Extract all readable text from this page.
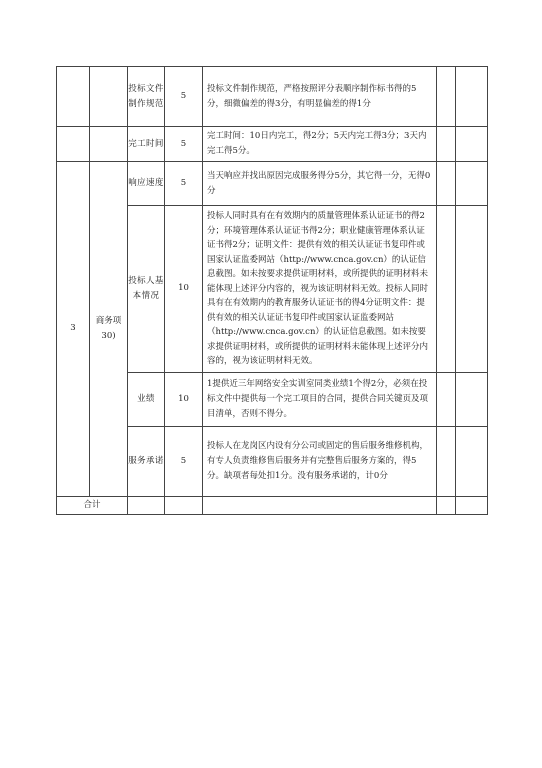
		投标文件制作规范	5	投标文件制作规范，严格按照评分表顺序制作标书得的5分，细微偏差的得3分，有明显偏差的得1分		
		完工时间	5	完工时间：10日内完工，得2分；5天内完工得3分；3天内完工得5分。		
3	商务项30)	响应速度	5	当天响应并找出原因完成服务得分5分，其它得一分，无得0分		
		投标人基本情况	10	投标人同时具有在有效期内的质量管理体系认证证书的得2分；环境管理体系认证证书得2分；职业健康管理体系认证证书得2分；证明文件：提供有效的相关认证证书复印件或国家认证监委网站（http://www.cnca.gov.cn）的认证信息截图。如未按要求提供证明材料，或所提供的证明材料未能体现上述评分内容的，视为该证明材料无效。投标人同时具有在有效期内的教育服务认证证书的得4分证明文件：提供有效的相关认证证书复印件或国家认证监委网站（http://www.cnca.gov.cn）的认证信息截图。如未按要求提供证明材料，或所提供的证明材料未能体现上述评分内容的，视为该证明材料无效。		
		业绩	10	1提供近三年网络安全实训室同类业绩1个得2分，必须在投标文件中提供每一个完工项目的合同，提供合同关键页及项目清单，否则不得分。		
		服务承诺	5	投标人在龙岗区内设有分公司或固定的售后服务维修机构，有专人负责维修售后服务并有完整售后服务方案的，得5分。缺项者每处扣1分。没有服务承诺的，计0分		
合计						
